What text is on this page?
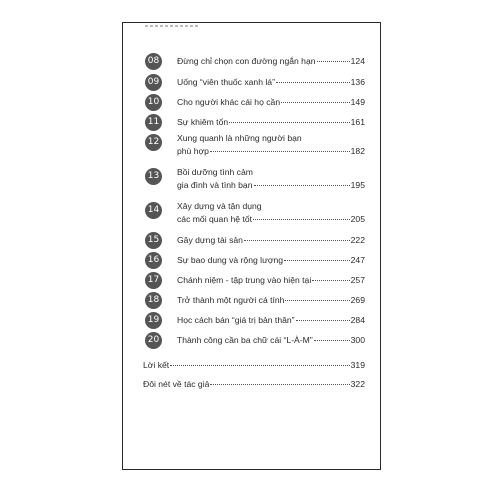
08	Đừng chỉ chọn con đường ngắn hạn	124
09	Uống “viên thuốc xanh lá”	136
10	Cho người khác cái họ cần	149
11	Sự khiêm tốn	161
12	Xung quanh là những người bạn
phù hợp	182
13	Bồi dưỡng tình cảm
gia đình và tình bạn	195
14	Xây dựng và tận dụng
các mối quan hệ tốt	205
15	Gây dựng tài sản	222
16	Sự bao dung và rộng lượng	247
17	Chánh niệm - tập trung vào hiện tại	257
18	Trở thành một người cá tính	269
19	Học cách bán “giá trị bản thân”	284
20	Thành công cần ba chữ cái “L-À-M”	300
Lời kết	319
Đôi nét về tác giả	322
